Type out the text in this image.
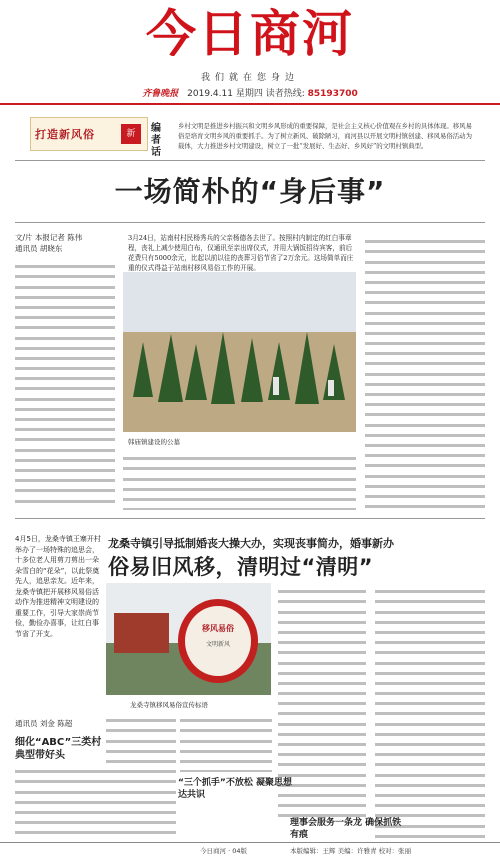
今日商河
我们就在您身边
齐鲁晚报 2019.4.11 星期四 读者热线: 85193700
打造新风俗	新	编者话
乡村文明是推进乡村振兴和文明乡风形成的重要保障，是社会主义核心价值观在乡村的具体体现。移风易俗是培育文明乡风的重要抓手。为了树立新风、破除陋习，商河县以开展文明村镇创建、移风易俗活动为载体，大力推进乡村文明建设，树立了一批“发展好、生态好、乡风好”的文明村镇典型。
一场简朴的“身后事”
文/片 本报记者 陈伟
通讯员 胡晓东
3月24日，站南村村民杨秀兵的父亲杨德各去世了。按照村内制定的红白事章程，丧礼上减少使用白布，仅通讯至亲出席仪式，并用大锅饭招待宾客，前后花费只有5000余元，比起以前以往的丧葬习俗节省了2万余元。这场简单而庄重的仪式得益于站南村移风易俗工作的开展。
韩庙镇建设的公墓
4月5日，龙桑寺镇王寨开村举办了一场特殊的追思会，十多位老人用剪刀剪出一朵朵雪白的“花朵”，以此祭奠先人，追思亲友。近年来，龙桑寺镇把开展移风易俗活动作为推进精神文明建设的重要工作，引导大家崇尚节俭，勤俭办喜事，让红白事节省了开支。
龙桑寺镇引导抵制婚丧大操大办，实现丧事简办，婚事新办
俗易旧风移，清明过“清明”
移风易俗
文明新风
龙桑寺镇移风易俗宣传标语
通讯员 刘金 陈超
细化“ABC”三类村典型带好头
“三个抓手”不放松 凝聚思想达共识
理事会服务一条龙 确保抓铁有痕
今日商河 · 04版	本版编辑：王辉 美编：许雅青 校对：张丽
